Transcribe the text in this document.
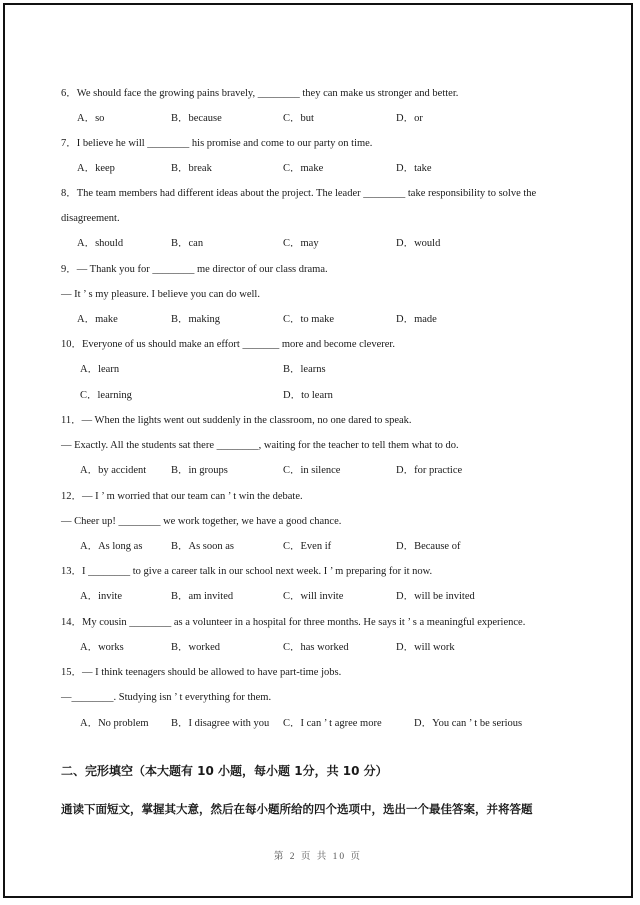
6．We should face the growing pains bravely, ________ they can make us stronger and better.
A．so	B．because	C．but	D．or
7．I believe he will ________ his promise and come to our party on time.
A．keep	B．break	C．make	D．take
8．The team members had different ideas about the project. The leader ________ take responsibility to solve the
disagreement.
A．should	B．can	C．may	D．would
9．— Thank you for ________ me director of our class drama.
— It ’ s my pleasure. I believe you can do well.
A．make	B．making	C．to make	D．made
10．Everyone of us should make an effort _______ more and become cleverer.
A．learn	B．learns
C．learning	D．to learn
11．— When the lights went out suddenly in the classroom, no one dared to speak.
— Exactly. All the students sat there ________, waiting for the teacher to tell them what to do.
A．by accident B．in groups	C．in silence	D．for practice
12．— I ’ m worried that our team can ’ t win the debate.
— Cheer up! ________ we work together, we have a good chance.
A．As long as	B．As soon as	C．Even if	D．Because of
13．I ________ to give a career talk in our school next week. I ’ m preparing for it now.
A．invite	B．am invited	C．will invite	D．will be invited
14．My cousin ________ as a volunteer in a hospital for three months. He says it ’ s a meaningful experience.
A．works	B．worked	C．has worked	D．will work
15．— I think teenagers should be allowed to have part-time jobs.
—________. Studying isn ’ t everything for them.
A．No problem B．I disagree with you C．I can ’ t agree more	D．You can ’ t be serious
二、完形填空（本大题有 10 小题，每小题 1分，共 10 分）
通读下面短文，掌握其大意，然后在每小题所给的四个选项中，选出一个最佳答案，并将答题
第 2 页 共 10 页
